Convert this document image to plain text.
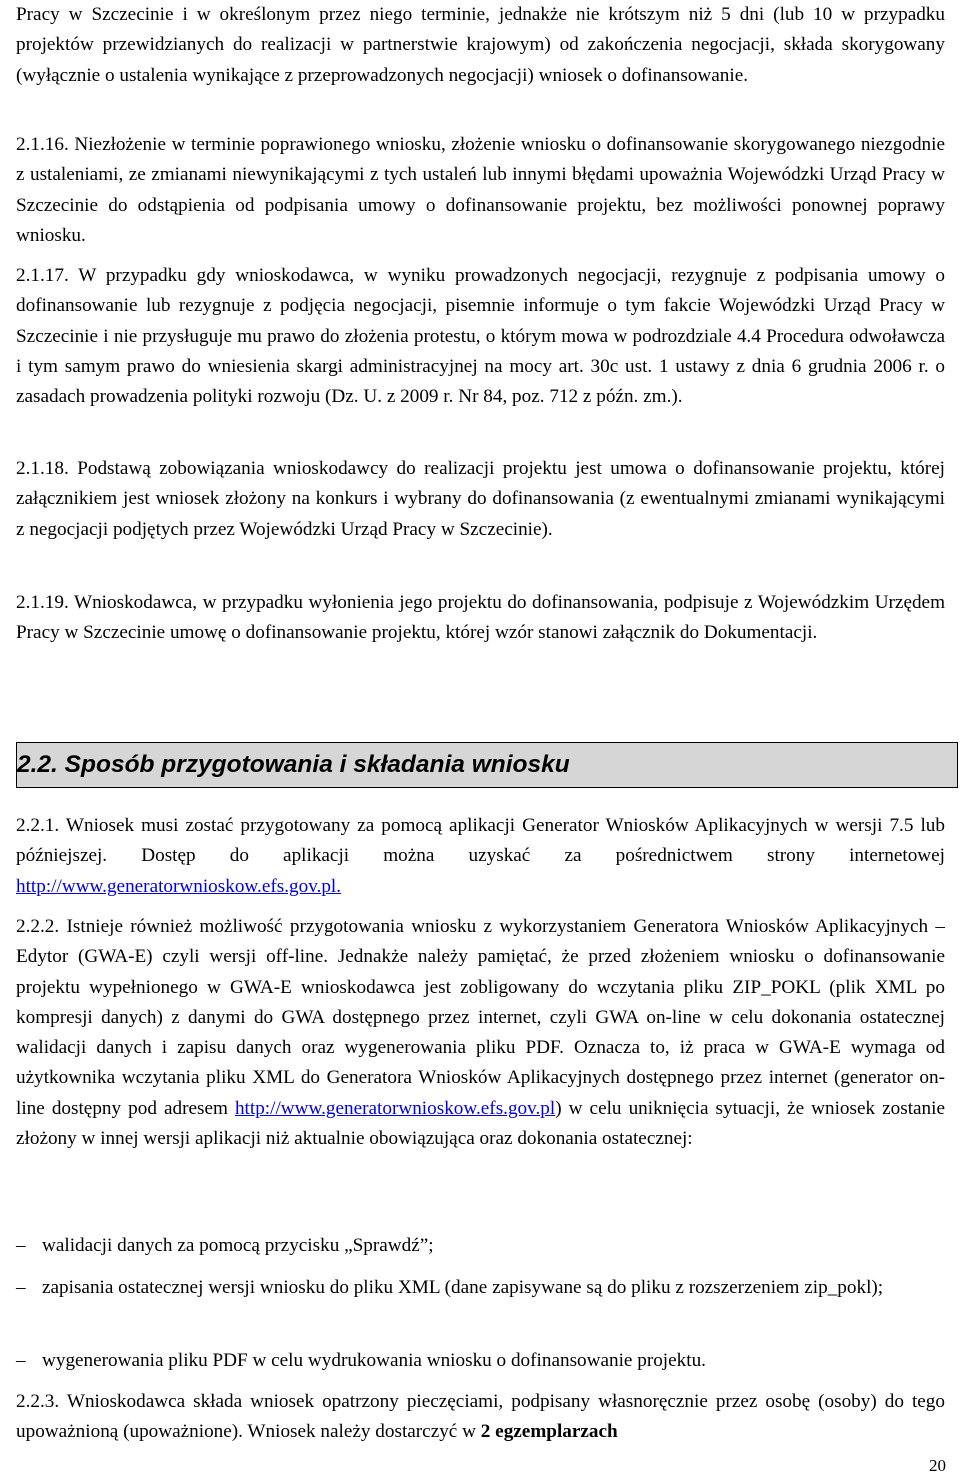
Pracy w Szczecinie i w określonym przez niego terminie, jednakże nie krótszym niż 5 dni (lub 10 w przypadku projektów przewidzianych do realizacji w partnerstwie krajowym) od zakończenia negocjacji, składa skorygowany (wyłącznie o ustalenia wynikające z przeprowadzonych negocjacji) wniosek o dofinansowanie.

2.1.16. Niezłożenie w terminie poprawionego wniosku, złożenie wniosku o dofinansowanie skorygowanego niezgodnie z ustaleniami, ze zmianami niewynikającymi z tych ustaleń lub innymi błędami upoważnia Wojewódzki Urząd Pracy w Szczecinie do odstąpienia od podpisania umowy o dofinansowanie projektu, bez możliwości ponownej poprawy wniosku.

2.1.17. W przypadku gdy wnioskodawca, w wyniku prowadzonych negocjacji, rezygnuje z podpisania umowy o dofinansowanie lub rezygnuje z podjęcia negocjacji, pisemnie informuje o tym fakcie Wojewódzki Urząd Pracy w Szczecinie i nie przysługuje mu prawo do złożenia protestu, o którym mowa w podrozdziale 4.4 Procedura odwoławcza i tym samym prawo do wniesienia skargi administracyjnej na mocy art. 30c ust. 1 ustawy z dnia 6 grudnia 2006 r. o zasadach prowadzenia polityki rozwoju (Dz. U. z 2009 r. Nr 84, poz. 712 z późn. zm.).

2.1.18. Podstawą zobowiązania wnioskodawcy do realizacji projektu jest umowa o dofinansowanie projektu, której załącznikiem jest wniosek złożony na konkurs i wybrany do dofinansowania (z ewentualnymi zmianami wynikającymi z negocjacji podjętych przez Wojewódzki Urząd Pracy w Szczecinie).

2.1.19. Wnioskodawca, w przypadku wyłonienia jego projektu do dofinansowania, podpisuje z Wojewódzkim Urzędem Pracy w Szczecinie umowę o dofinansowanie projektu, której wzór stanowi załącznik do Dokumentacji.

2.2. Sposób przygotowania i składania wniosku

2.2.1. Wniosek musi zostać przygotowany za pomocą aplikacji Generator Wniosków Aplikacyjnych w wersji 7.5 lub późniejszej. Dostęp do aplikacji można uzyskać za pośrednictwem strony internetowej http://www.generatorwnioskow.efs.gov.pl.

2.2.2. Istnieje również możliwość przygotowania wniosku z wykorzystaniem Generatora Wniosków Aplikacyjnych – Edytor (GWA-E) czyli wersji off-line. Jednakże należy pamiętać, że przed złożeniem wniosku o dofinansowanie projektu wypełnionego w GWA-E wnioskodawca jest zobligowany do wczytania pliku ZIP_POKL (plik XML po kompresji danych) z danymi do GWA dostępnego przez internet, czyli GWA on-line w celu dokonania ostatecznej walidacji danych i zapisu danych oraz wygenerowania pliku PDF. Oznacza to, iż praca w GWA-E wymaga od użytkownika wczytania pliku XML do Generatora Wniosków Aplikacyjnych dostępnego przez internet (generator on-line dostępny pod adresem http://www.generatorwnioskow.efs.gov.pl) w celu uniknięcia sytuacji, że wniosek zostanie złożony w innej wersji aplikacji niż aktualnie obowiązująca oraz dokonania ostatecznej:

– walidacji danych za pomocą przycisku „Sprawdź”;
– zapisania ostatecznej wersji wniosku do pliku XML (dane zapisywane są do pliku z rozszerzeniem zip_pokl);
– wygenerowania pliku PDF w celu wydrukowania wniosku o dofinansowanie projektu.

2.2.3. Wnioskodawca składa wniosek opatrzony pieczęciami, podpisany własnoręcznie przez osobę (osoby) do tego upoważnioną (upoważnione). Wniosek należy dostarczyć w 2 egzemplarzach

20
